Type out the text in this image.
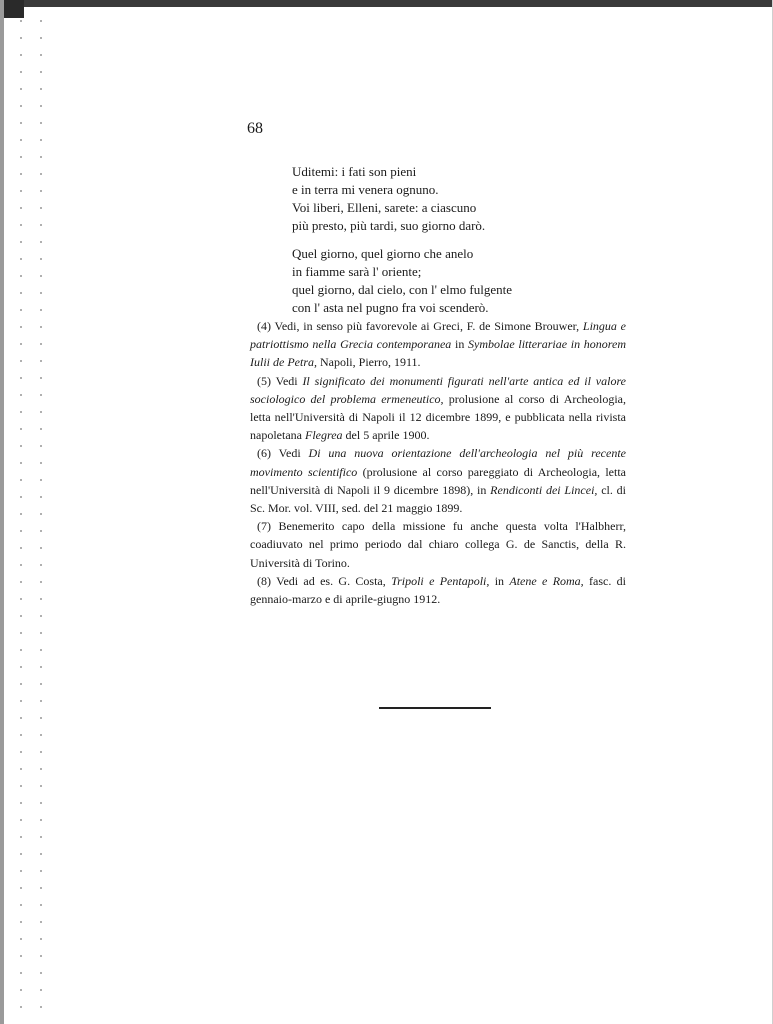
68
Uditemi: i fati son pieni
e in terra mi venera ognuno.
Voi liberi, Elleni, sarete: a ciascuno
più presto, più tardi, suo giorno darò.
Quel giorno, quel giorno che anelo
in fiamme sarà l' oriente;
quel giorno, dal cielo, con l' elmo fulgente
con l' asta nel pugno fra voi scenderò.

(4) Vedi, in senso più favorevole ai Greci, F. de Simone Brouwer, Lingua e patriottismo nella Grecia contemporanea in Symbolae litterariae in honorem Iulii de Petra, Napoli, Pierro, 1911.

(5) Vedi Il significato dei monumenti figurati nell'arte antica ed il valore sociologico del problema ermeneutico, prolusione al corso di Archeologia, letta nell'Università di Napoli il 12 dicembre 1899, e pubblicata nella rivista napoletana Flegrea del 5 aprile 1900.

(6) Vedi Di una nuova orientazione dell'archeologia nel più recente movimento scientifico (prolusione al corso pareggiato di Archeologia, letta nell'Università di Napoli il 9 dicembre 1898), in Rendiconti dei Lincei, cl. di Sc. Mor. vol. VIII, sed. del 21 maggio 1899.

(7) Benemerito capo della missione fu anche questa volta l'Halbherr, coadiuvato nel primo periodo dal chiaro collega G. de Sanctis, della R. Università di Torino.

(8) Vedi ad es. G. Costa, Tripoli e Pentapoli, in Atene e Roma, fasc. di gennaio-marzo e di aprile-giugno 1912.
